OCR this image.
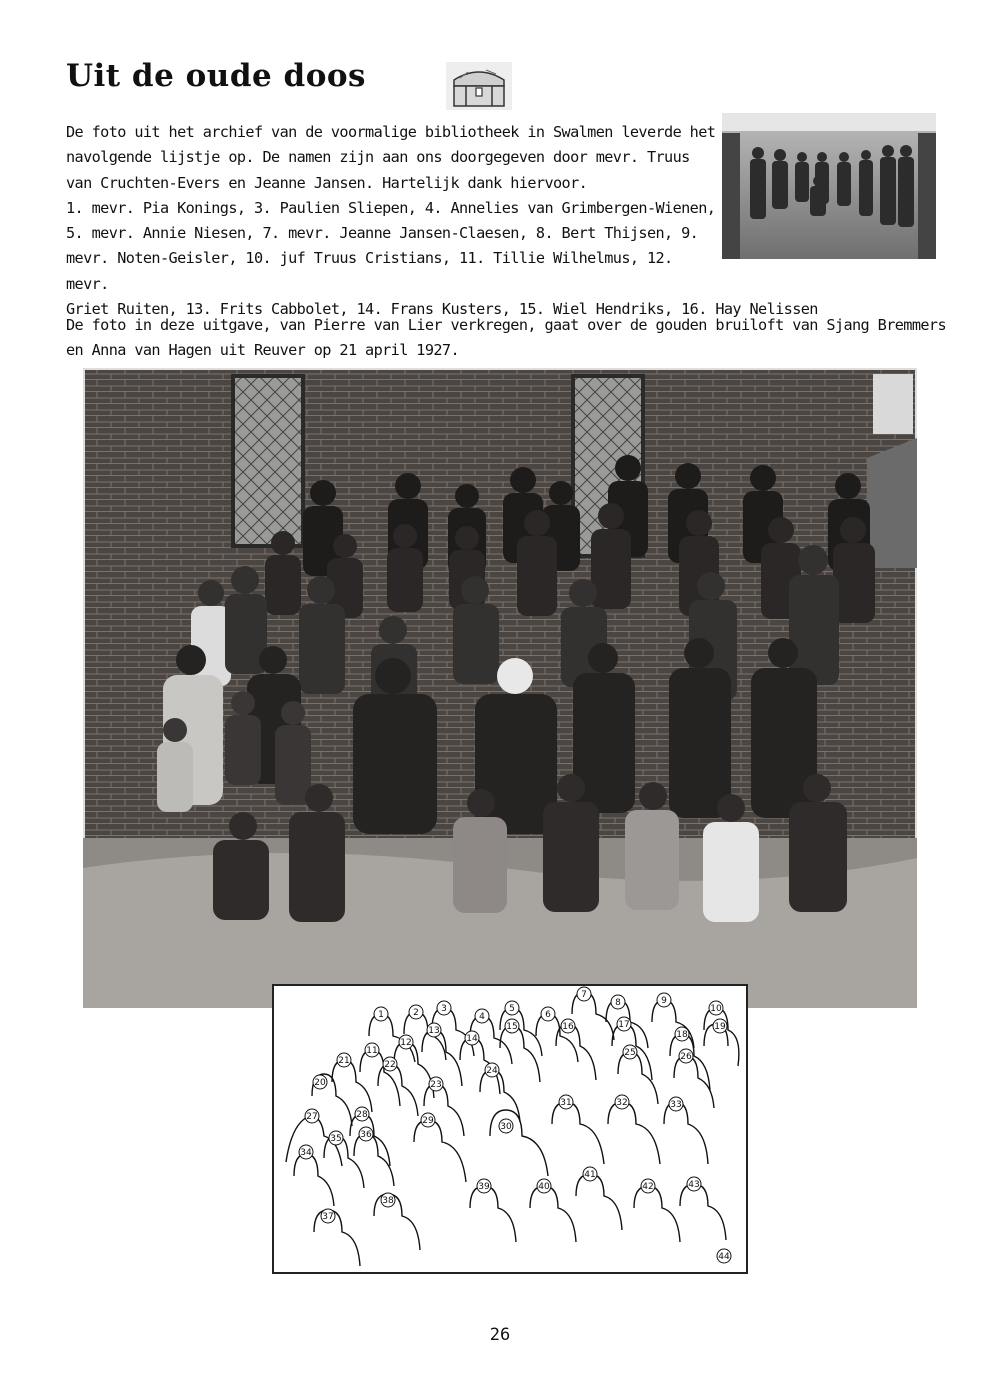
Uit de oude doos

De foto uit het archief van de voormalige bibliotheek in Swalmen leverde het
navolgende lijstje op. De namen zijn aan ons doorgegeven door mevr. Truus
van Cruchten-Evers en Jeanne Jansen. Hartelijk dank hiervoor.
1. mevr. Pia Konings, 3. Paulien Sliepen, 4. Annelies van Grimbergen-Wienen,
5. mevr. Annie Niesen, 7. mevr. Jeanne Jansen-Claesen, 8. Bert Thijsen, 9.
mevr. Noten-Geisler, 10. juf Truus Cristians, 11. Tillie Wilhelmus, 12. mevr.
Griet Ruiten, 13. Frits Cabbolet, 14. Frans Kusters, 15. Wiel Hendriks, 16. Hay Nelissen

De foto in deze uitgave, van Pierre van Lier verkregen, gaat over de gouden bruiloft van Sjang Bremmers
en Anna van Hagen uit Reuver op 21 april 1927.

1	2 3
4
5
6
7
8	9
10
11
12
13
14
15	16	17
18
19
20
21	22
23
24
25	26
27	28
29
30
31	32	33
34
35 36
37
38
39	40
41
42	43
44
26
